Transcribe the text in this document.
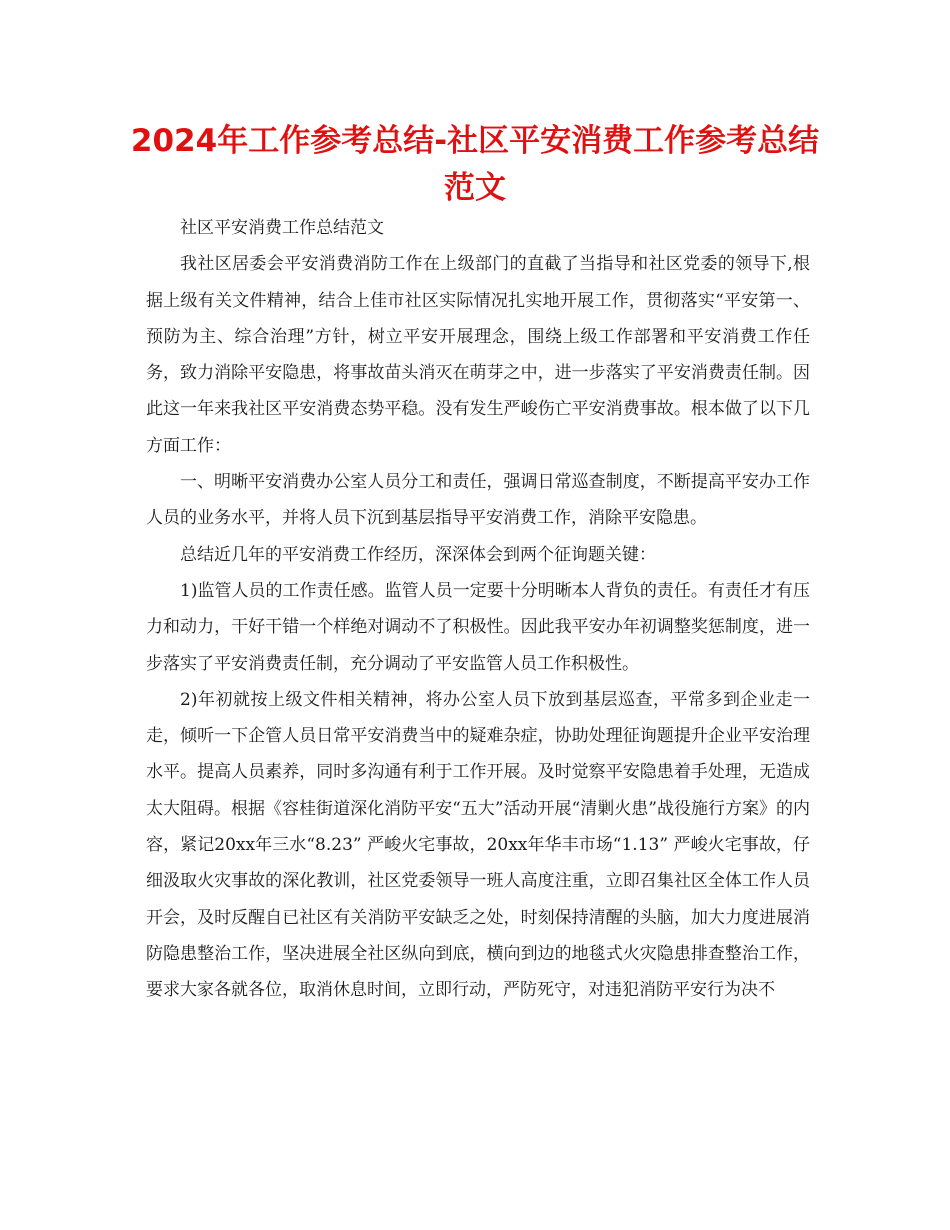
2024年工作参考总结-社区平安消费工作参考总结范文

社区平安消费工作总结范文

我社区居委会平安消费消防工作在上级部门的直截了当指导和社区党委的领导下,根据上级有关文件精神，结合上佳市社区实际情况扎实地开展工作，贯彻落实“平安第一、预防为主、综合治理”方针，树立平安开展理念，围绕上级工作部署和平安消费工作任务，致力消除平安隐患，将事故苗头消灭在萌芽之中，进一步落实了平安消费责任制。因此这一年来我社区平安消费态势平稳。没有发生严峻伤亡平安消费事故。根本做了以下几方面工作：

一、明晰平安消费办公室人员分工和责任，强调日常巡查制度，不断提高平安办工作人员的业务水平，并将人员下沉到基层指导平安消费工作，消除平安隐患。

总结近几年的平安消费工作经历，深深体会到两个征询题关键：

1)监管人员的工作责任感。监管人员一定要十分明晰本人背负的责任。有责任才有压力和动力，干好干错一个样绝对调动不了积极性。因此我平安办年初调整奖惩制度，进一步落实了平安消费责任制，充分调动了平安监管人员工作积极性。

2)年初就按上级文件相关精神，将办公室人员下放到基层巡查，平常多到企业走一走，倾听一下企管人员日常平安消费当中的疑难杂症，协助处理征询题提升企业平安治理水平。提高人员素养，同时多沟通有利于工作开展。及时觉察平安隐患着手处理，无造成太大阻碍。根据《容桂街道深化消防平安“五大”活动开展“清剿火患”战役施行方案》的内容，紧记20xx年三水“8.23” 严峻火宅事故，20xx年华丰市场“1.13” 严峻火宅事故，仔细汲取火灾事故的深化教训，社区党委领导一班人高度注重，立即召集社区全体工作人员开会，及时反醒自已社区有关消防平安缺乏之处，时刻保持清醒的头脑，加大力度进展消防隐患整治工作，坚决进展全社区纵向到底，横向到边的地毯式火灾隐患排查整治工作，要求大家各就各位，取消休息时间，立即行动，严防死守，对违犯消防平安行为决不
